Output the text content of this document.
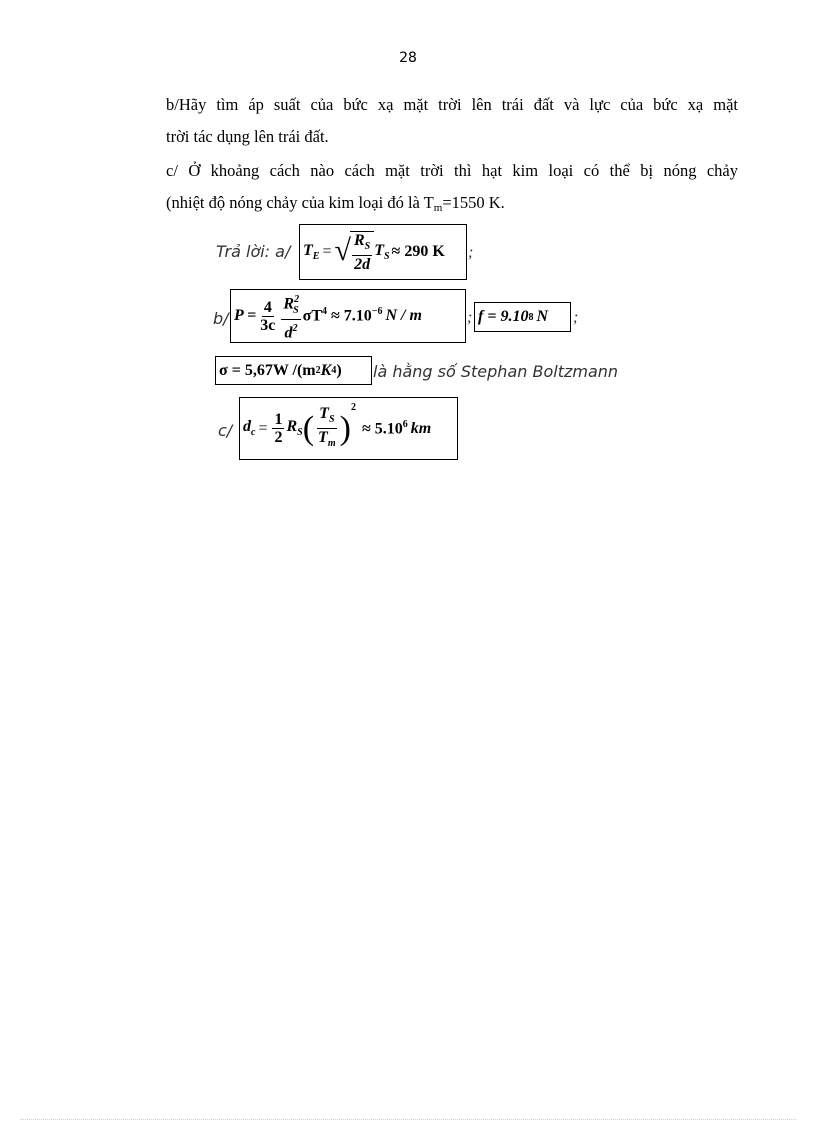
28
b/Hãy tìm áp suất của bức xạ mặt trời lên trái đất và lực của bức xạ mặt
trời tác dụng lên trái đất.
c/ Ở khoảng cách nào cách mặt trời thì hạt kim loại có thể bị nóng chảy
(nhiệt độ nóng chảy của kim loại đó là $T_m=1550$ K.
Trả lời: a/ $T_E$ = √ $\frac{R_S}{2d} T_S \approx 290$ K ;
b/ $P = \frac{4}{3c} \frac{R^2_S}{d^2} \sigma T^4 \approx 7.10^{-6}$ N / m	; f = 9.10 8 N ;
σ = 5,67W /(m 2 K 4 ) là hằng số Stephan Boltzmann
c/ $d_c = \frac{1}{2} R_S$ ( $\frac{T_S}{T_m}$ )
$^2$
≈ $5.10^6$ km
